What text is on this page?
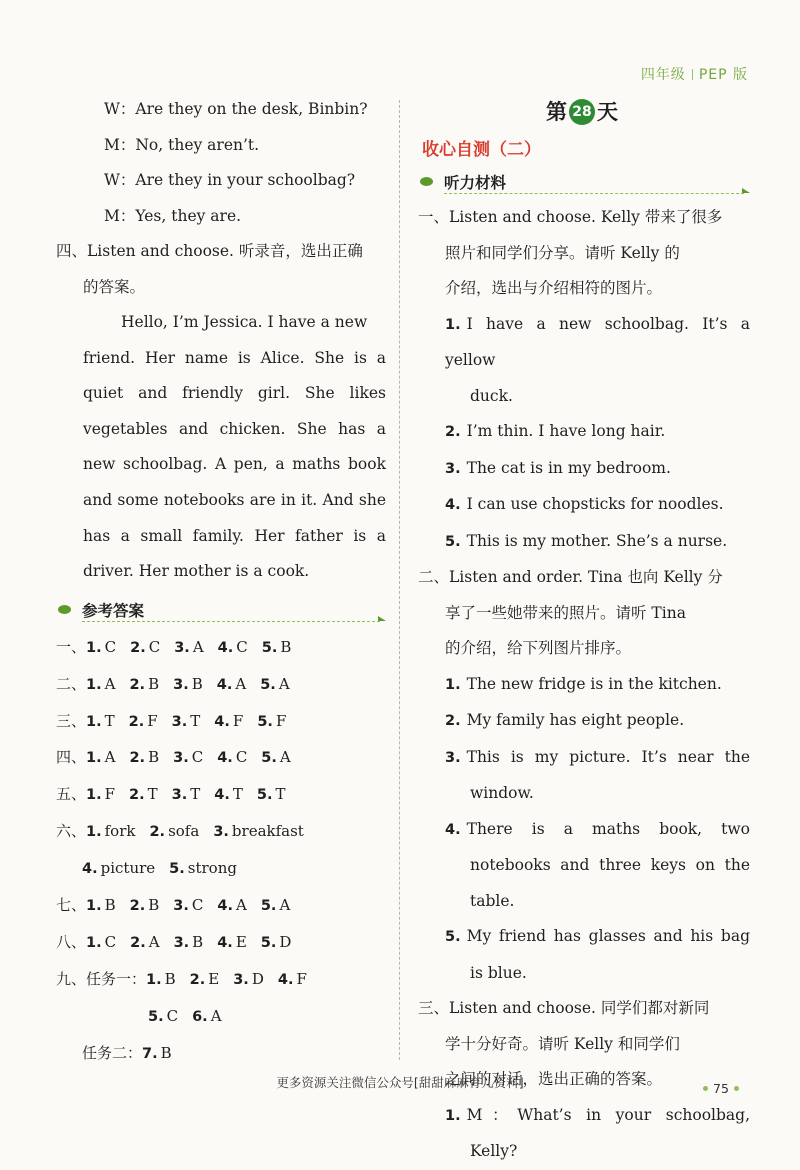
四年级 PEP 版
W：Are they on the desk, Binbin?
M：No, they aren’t.
W：Are they in your schoolbag?
M：Yes, they are.
四、Listen and choose. 听录音，选出正确
的答案。
Hello, I’m Jessica. I have a new
friend. Her name is Alice. She is a
quiet and friendly girl. She likes
vegetables and chicken. She has a
new schoolbag. A pen, a maths book
and some notebooks are in it. And she
has a small family. Her father is a
driver. Her mother is a cook.
参考答案
一、1. C 2. C 3. A 4. C 5. B
二、1. A 2. B 3. B 4. A 5. A
三、1. T 2. F 3. T 4. F 5. F
四、1. A 2. B 3. C 4. C 5. A
五、1. F 2. T 3. T 4. T 5. T
六、1. fork 2. sofa 3. breakfast
4. picture 5. strong
七、1. B 2. B 3. C 4. A 5. A
八、1. C 2. A 3. B 4. E 5. D
九、任务一：1. B 2. E 3. D 4. F
5. C 6. A
任务二：7. B
第 28 天
收心自测（二）
听力材料
一、Listen and choose. Kelly 带来了很多
照片和同学们分享。请听 Kelly 的
介绍，选出与介绍相符的图片。
1. I have a new schoolbag. It’s a yellow
duck.
2. I’m thin. I have long hair.
3. The cat is in my bedroom.
4. I can use chopsticks for noodles.
5. This is my mother. She’s a nurse.
二、Listen and order. Tina 也向 Kelly 分
享了一些她带来的照片。请听 Tina
的介绍，给下列图片排序。
1. The new fridge is in the kitchen.
2. My family has eight people.
3. This is my picture. It’s near the
window.
4. There is a maths book, two
notebooks and three keys on the
table.
5. My friend has glasses and his bag
is blue.
三、Listen and choose. 同学们都对新同
学十分好奇。请听 Kelly 和同学们
之间的对话，选出正确的答案。
1. M：What’s in your schoolbag,
Kelly?
更多资源关注微信公众号[甜甜麻麻育儿资料]	75
